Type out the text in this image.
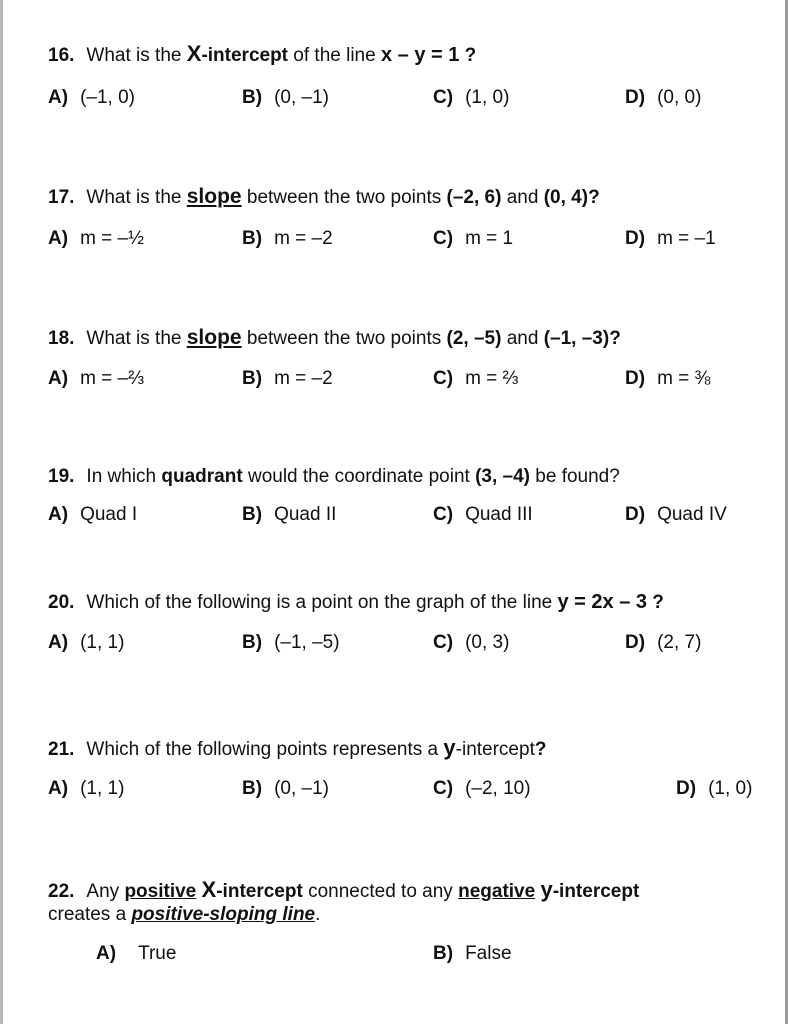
16. What is the X-intercept of the line x – y = 1 ?
A) (–1, 0)	B) (0, –1)	C) (1, 0)	D) (0, 0)
17. What is the slope between the two points (–2, 6) and (0, 4)?
A) m = –½	B) m = –2	C) m = 1	D) m = –1
18. What is the slope between the two points (2, –5) and (–1, –3)?
A) m = –⅔	B) m = –2	C) m = ⅔	D) m = ⅜
19. In which quadrant would the coordinate point (3, –4) be found?
A) Quad I	B) Quad II	C) Quad III	D) Quad IV
20. Which of the following is a point on the graph of the line y = 2x – 3 ?
A) (1, 1)	B) (–1, –5)	C) (0, 3)	D) (2, 7)
21. Which of the following points represents a y-intercept?
A) (1, 1)	B) (0, –1)	C) (–2, 10)	D) (1, 0)
22. Any positive X-intercept connected to any negative y-intercept
creates a positive-sloping line.
A) True	B) False
